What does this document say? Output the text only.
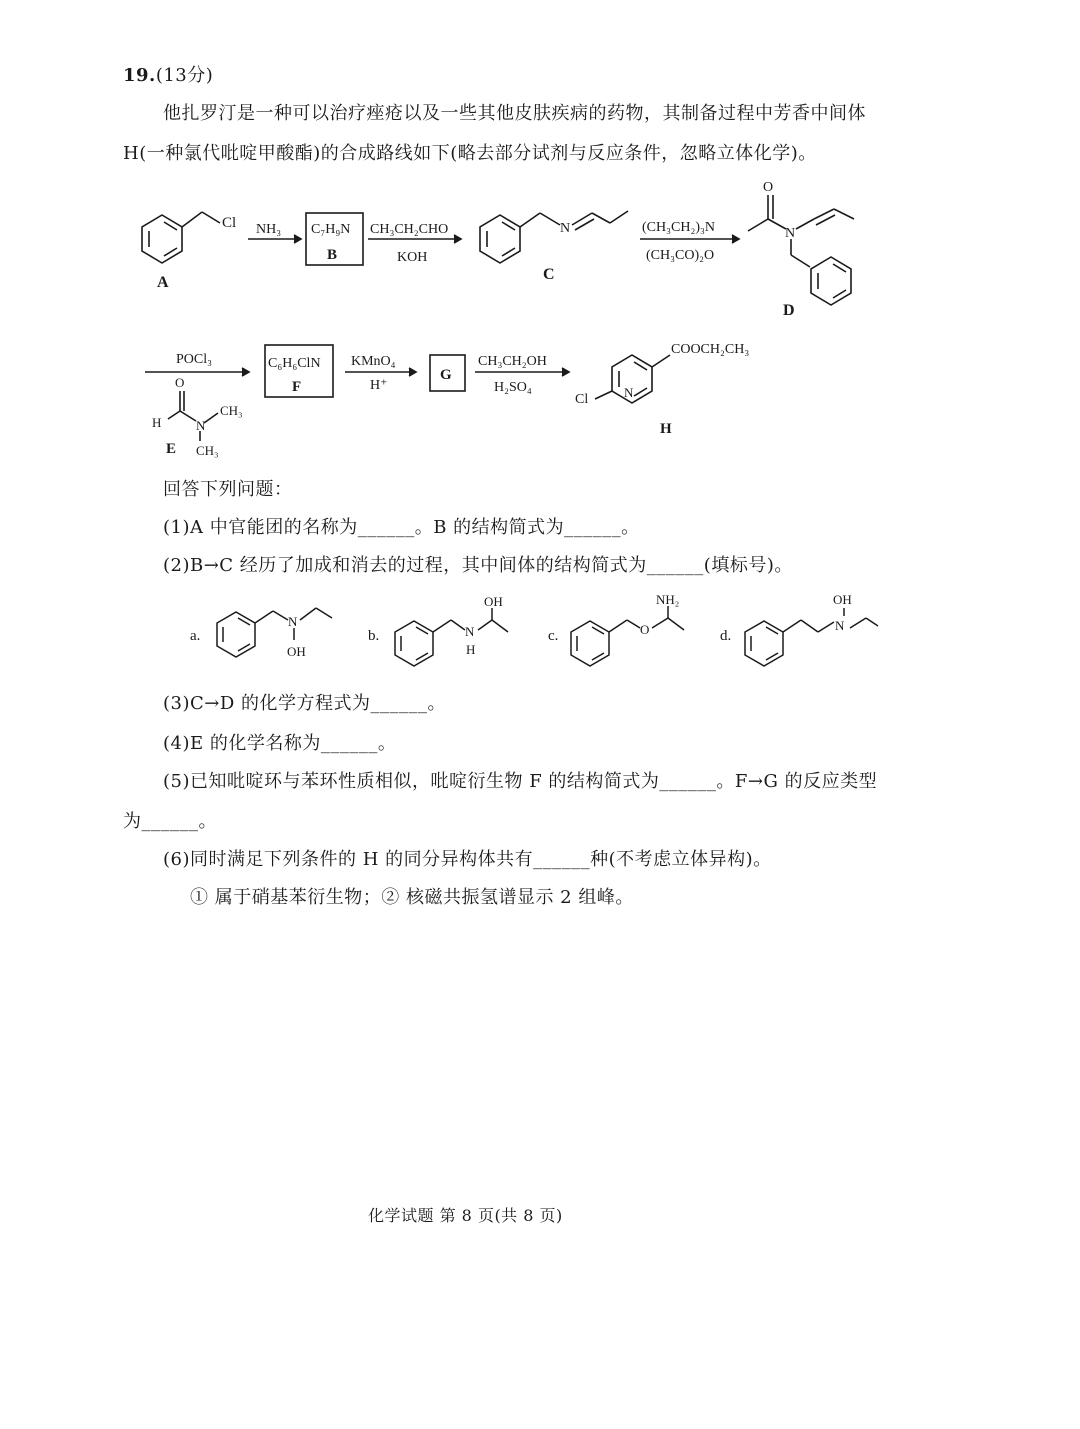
19.(13分)
他扎罗汀是一种可以治疗痤疮以及一些其他皮肤疾病的药物，其制备过程中芳香中间体
H(一种氯代吡啶甲酸酯)的合成路线如下(略去部分试剂与反应条件，忽略立体化学)。
Cl
A
NH₃ C₇H₉N
B
CH₃CH₂CHO
KOH
N
C
(CH₃CH₂)₃N
(CH₃CO)₂O
O
N
D
POCl₃
O
H	N
CH₃
CH₃
E
C₆H₆ClN
F
KMnO₄
H⁺
G
CH₃CH₂OH
H₂SO₄
COOCH₂CH₃
Cl	N
H
回答下列问题：
(1)A 中官能团的名称为______。B 的结构简式为______。
(2)B→C 经历了加成和消去的过程，其中间体的结构简式为______(填标号)。
a.
N
OH
b.
OH
N
H
c.
NH₂
O	d.
OH
N
(3)C→D 的化学方程式为______。
(4)E 的化学名称为______。
(5)已知吡啶环与苯环性质相似，吡啶衍生物 F 的结构简式为______。F→G 的反应类型
为______。
(6)同时满足下列条件的 H 的同分异构体共有______种(不考虑立体异构)。
① 属于硝基苯衍生物；② 核磁共振氢谱显示 2 组峰。
化学试题 第 8 页(共 8 页)
